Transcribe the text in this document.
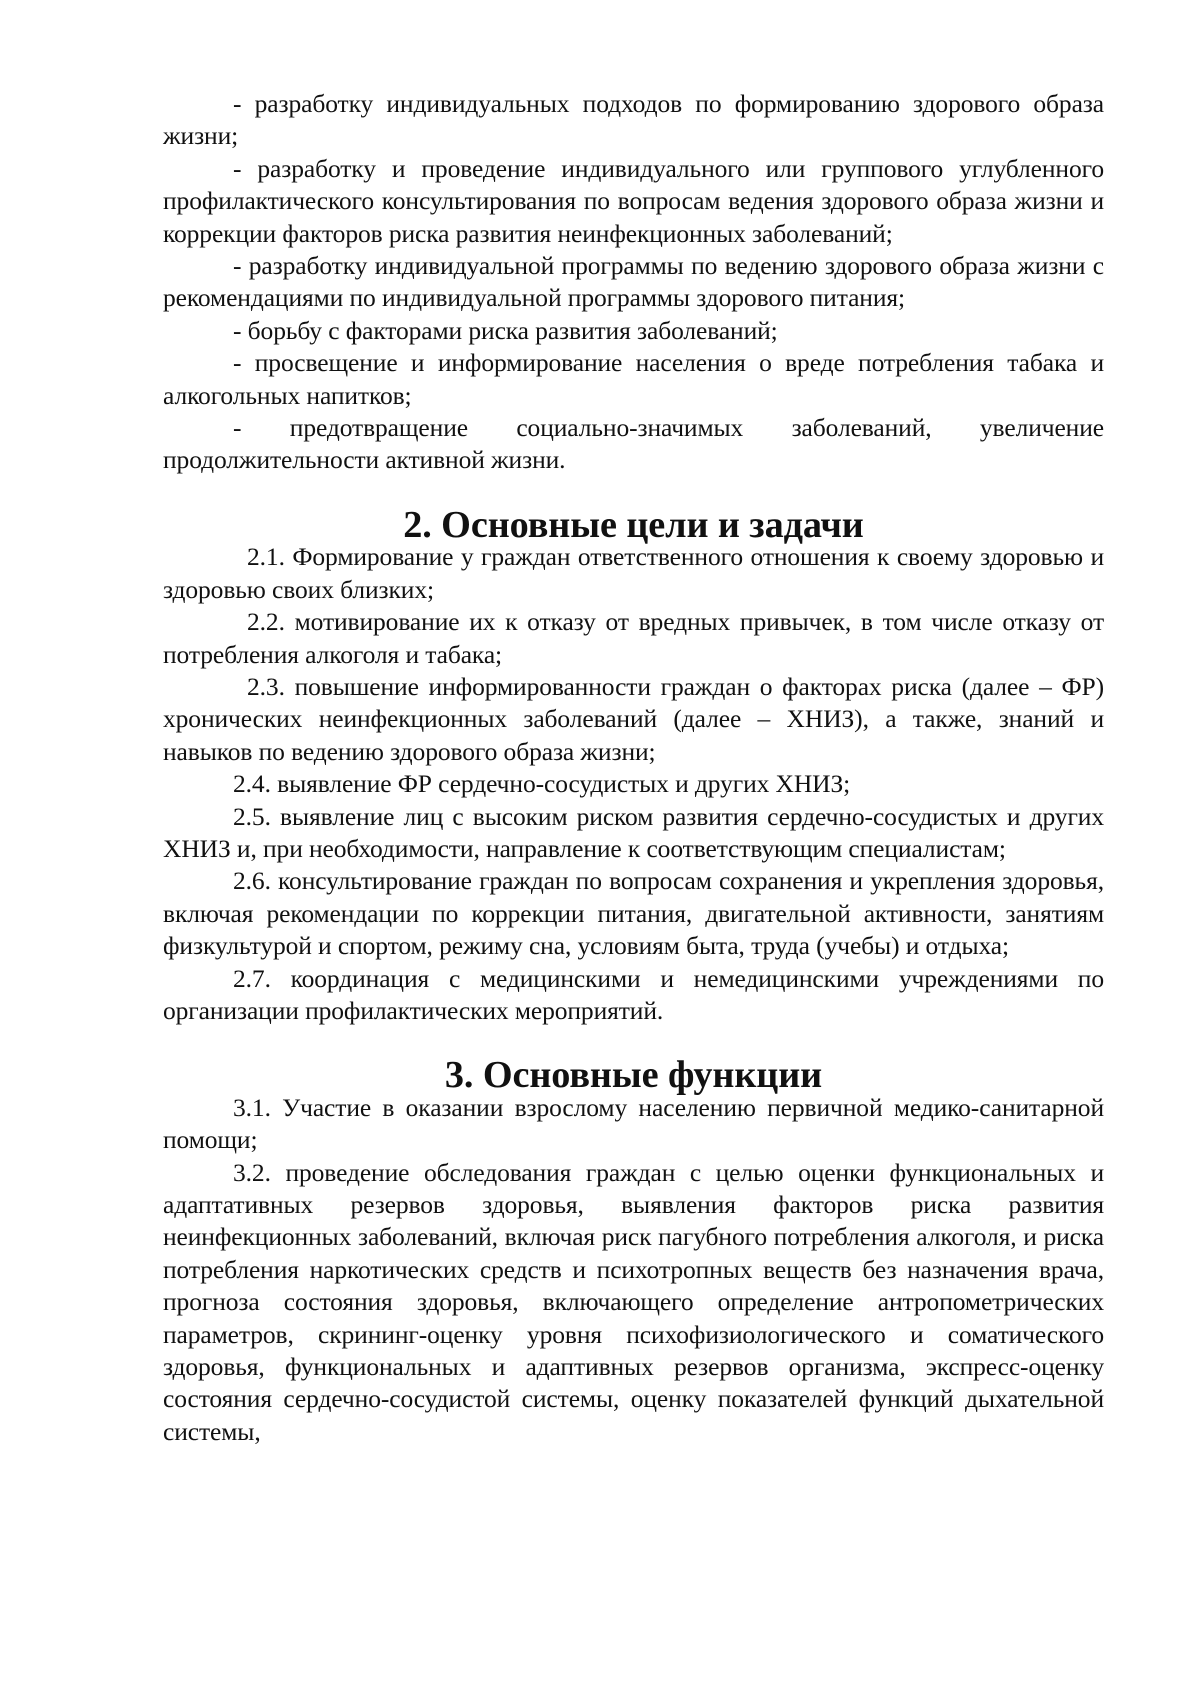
- разработку индивидуальных подходов по формированию здорового образа жизни;

- разработку и проведение индивидуального или группового углубленного профилактического консультирования по вопросам ведения здорового образа жизни и коррекции факторов риска развития неинфекционных заболеваний;

- разработку индивидуальной программы по ведению здорового образа жизни с рекомендациями по индивидуальной программы здорового питания;

- борьбу с факторами риска развития заболеваний;

- просвещение и информирование населения о вреде потребления табака и алкогольных напитков;

- предотвращение социально-значимых заболеваний, увеличение продолжительности активной жизни.

2. Основные цели и задачи

2.1. Формирование у граждан ответственного отношения к своему здоровью и здоровью своих близких;

2.2. мотивирование их к отказу от вредных привычек, в том числе отказу от потребления алкоголя и табака;

2.3. повышение информированности граждан о факторах риска (далее – ФР) хронических неинфекционных заболеваний (далее – ХНИЗ), а также, знаний и навыков по ведению здорового образа жизни;

2.4. выявление ФР сердечно-сосудистых и других ХНИЗ;

2.5. выявление лиц с высоким риском развития сердечно-сосудистых и других ХНИЗ и, при необходимости, направление к соответствующим специалистам;

2.6. консультирование граждан по вопросам сохранения и укрепления здоровья, включая рекомендации по коррекции питания, двигательной активности, занятиям физкультурой и спортом, режиму сна, условиям быта, труда (учебы) и отдыха;

2.7. координация с медицинскими и немедицинскими учреждениями по организации профилактических мероприятий.

3. Основные функции

3.1. Участие в оказании взрослому населению первичной медико-санитарной помощи;

3.2. проведение обследования граждан с целью оценки функциональных и адаптативных резервов здоровья, выявления факторов риска развития неинфекционных заболеваний, включая риск пагубного потребления алкоголя, и риска потребления наркотических средств и психотропных веществ без назначения врача, прогноза состояния здоровья, включающего определение антропометрических параметров, скрининг-оценку уровня психофизиологического и соматического здоровья, функциональных и адаптивных резервов организма, экспресс-оценку состояния сердечно-сосудистой системы, оценку показателей функций дыхательной системы,
